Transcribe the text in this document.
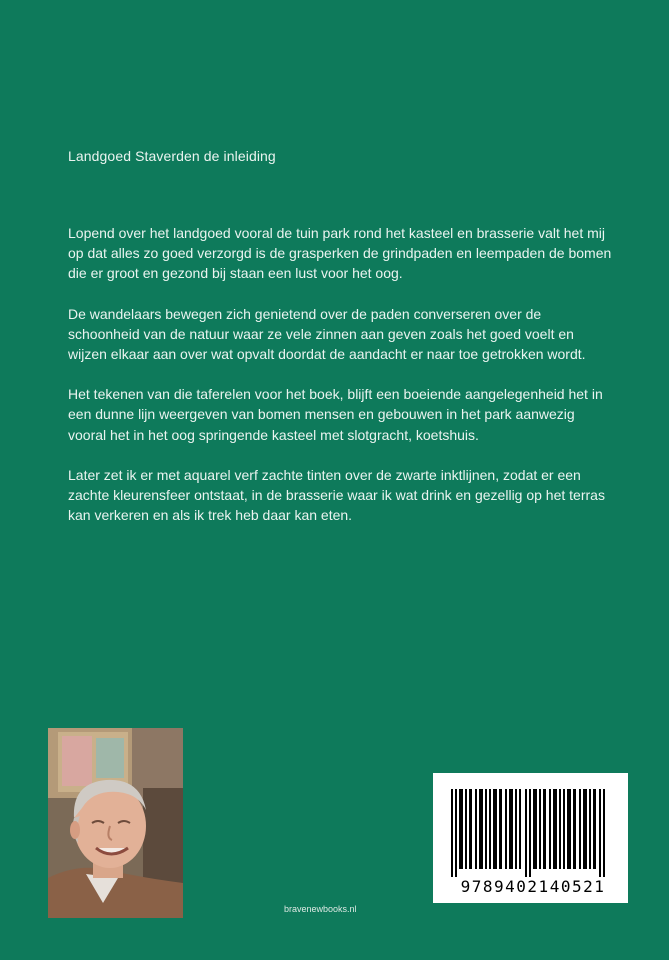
Landgoed Staverden de inleiding

Lopend over het landgoed vooral de tuin park rond het kasteel en brasserie valt het mij op dat alles zo goed verzorgd is de grasperken de grindpaden en leempaden de bomen die er groot en gezond bij staan een lust voor het oog.

De wandelaars bewegen zich genietend over de paden converseren over de schoonheid van de natuur waar ze vele zinnen aan geven zoals het goed voelt en wijzen elkaar aan over wat opvalt doordat de aandacht er naar toe getrokken wordt.

Het tekenen van die taferelen voor het boek, blijft een boeiende aangelegenheid het in een dunne lijn weergeven van bomen mensen en gebouwen in het park aanwezig vooral het in het oog springende kasteel met slotgracht, koetshuis.

Later zet ik er met aquarel verf zachte tinten over de zwarte inktlijnen, zodat er een zachte kleurensfeer ontstaat, in de brasserie waar ik wat drink en gezellig op het terras kan verkeren en als ik trek heb daar kan eten.

9789402140521
bravenewbooks.nl
